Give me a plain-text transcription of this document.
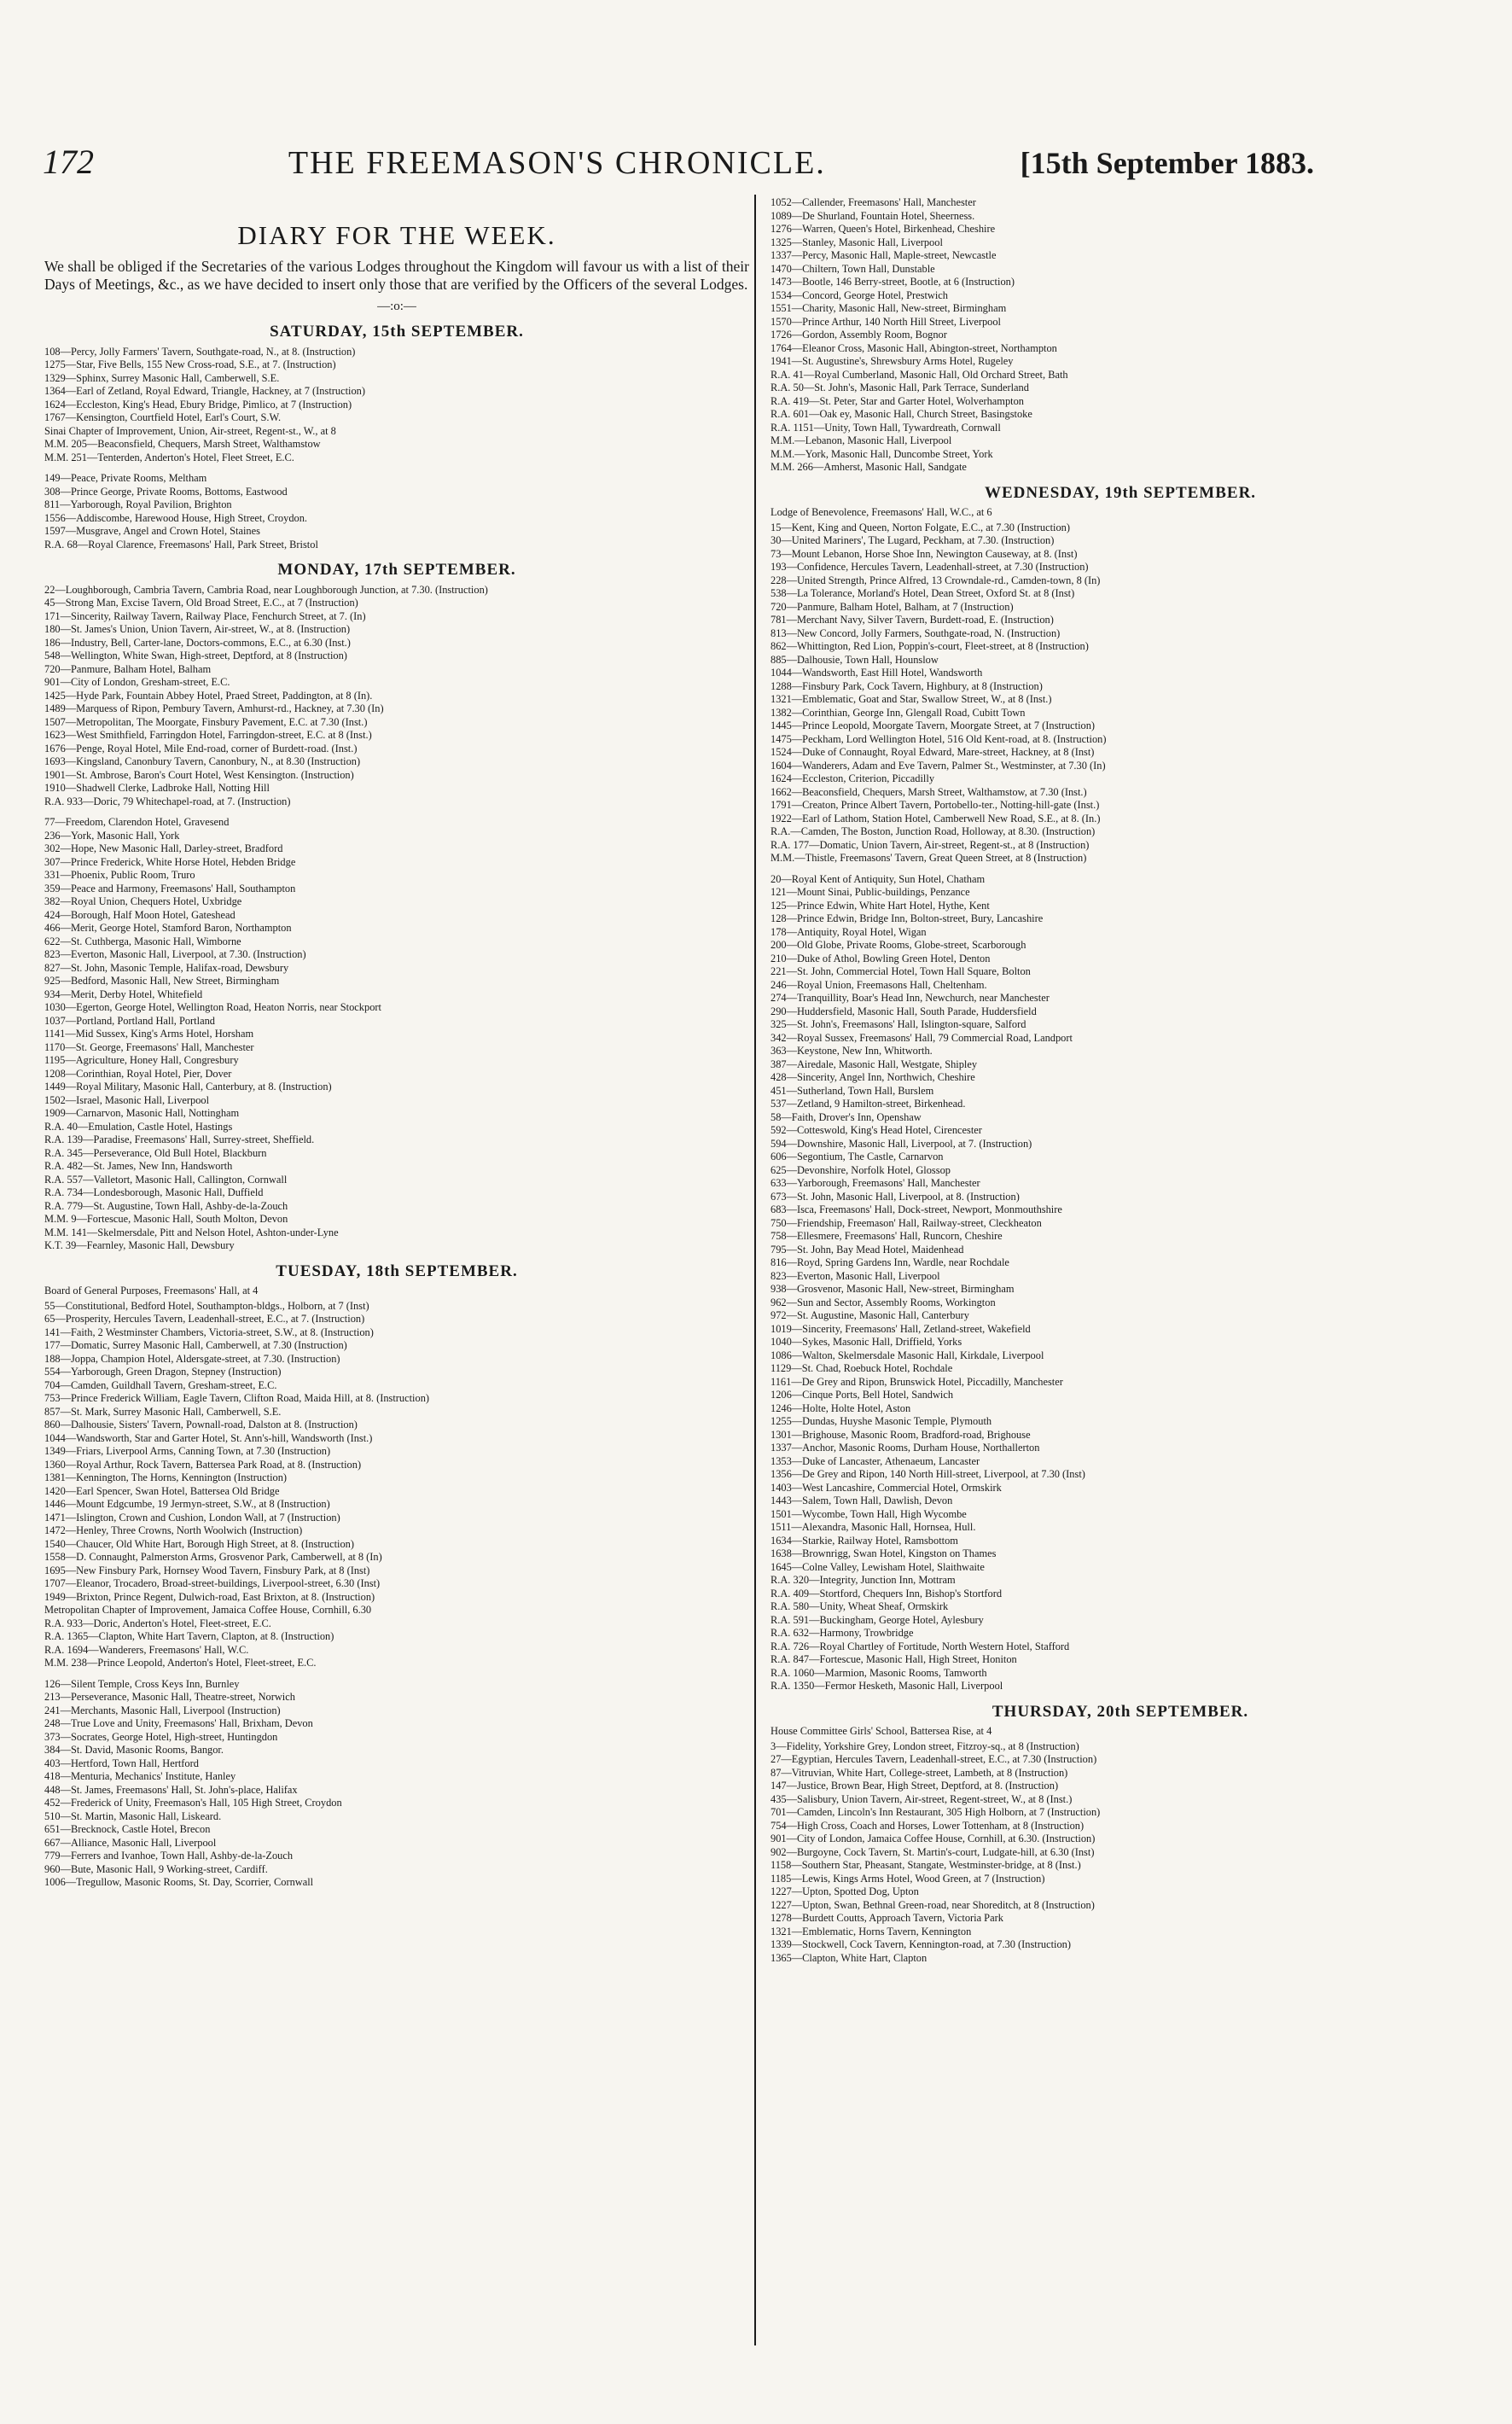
172	THE FREEMASON'S CHRONICLE.	[15th September 1883.
DIARY FOR THE WEEK.

We shall be obliged if the Secretaries of the various Lodges throughout the Kingdom will favour us with a list of their Days of Meetings, &c., as we have decided to insert only those that are verified by the Officers of the several Lodges.

—:o:—
SATURDAY, 15th SEPTEMBER.
108—Percy, Jolly Farmers' Tavern, Southgate-road, N., at 8. (Instruction)
1275—Star, Five Bells, 155 New Cross-road, S.E., at 7. (Instruction)
1329—Sphinx, Surrey Masonic Hall, Camberwell, S.E.
1364—Earl of Zetland, Royal Edward, Triangle, Hackney, at 7 (Instruction)
1624—Eccleston, King's Head, Ebury Bridge, Pimlico, at 7 (Instruction)
1767—Kensington, Courtfield Hotel, Earl's Court, S.W.
Sinai Chapter of Improvement, Union, Air-street, Regent-st., W., at 8
M.M. 205—Beaconsfield, Chequers, Marsh Street, Walthamstow
M.M. 251—Tenterden, Anderton's Hotel, Fleet Street, E.C.
149—Peace, Private Rooms, Meltham
308—Prince George, Private Rooms, Bottoms, Eastwood
811—Yarborough, Royal Pavilion, Brighton
1556—Addiscombe, Harewood House, High Street, Croydon.
1597—Musgrave, Angel and Crown Hotel, Staines
R.A. 68—Royal Clarence, Freemasons' Hall, Park Street, Bristol
MONDAY, 17th SEPTEMBER.
22—Loughborough, Cambria Tavern, Cambria Road, near Loughborough Junction, at 7.30. (Instruction)
45—Strong Man, Excise Tavern, Old Broad Street, E.C., at 7 (Instruction)
171—Sincerity, Railway Tavern, Railway Place, Fenchurch Street, at 7. (In)
180—St. James's Union, Union Tavern, Air-street, W., at 8. (Instruction)
186—Industry, Bell, Carter-lane, Doctors-commons, E.C., at 6.30 (Inst.)
548—Wellington, White Swan, High-street, Deptford, at 8 (Instruction)
720—Panmure, Balham Hotel, Balham
901—City of London, Gresham-street, E.C.
1425—Hyde Park, Fountain Abbey Hotel, Praed Street, Paddington, at 8 (In).
1489—Marquess of Ripon, Pembury Tavern, Amhurst-rd., Hackney, at 7.30 (In)
1507—Metropolitan, The Moorgate, Finsbury Pavement, E.C. at 7.30 (Inst.)
1623—West Smithfield, Farringdon Hotel, Farringdon-street, E.C. at 8 (Inst.)
1676—Penge, Royal Hotel, Mile End-road, corner of Burdett-road. (Inst.)
1693—Kingsland, Canonbury Tavern, Canonbury, N., at 8.30 (Instruction)
1901—St. Ambrose, Baron's Court Hotel, West Kensington. (Instruction)
1910—Shadwell Clerke, Ladbroke Hall, Notting Hill
R.A. 933—Doric, 79 Whitechapel-road, at 7. (Instruction)
77—Freedom, Clarendon Hotel, Gravesend
236—York, Masonic Hall, York
302—Hope, New Masonic Hall, Darley-street, Bradford
307—Prince Frederick, White Horse Hotel, Hebden Bridge
331—Phoenix, Public Room, Truro
359—Peace and Harmony, Freemasons' Hall, Southampton
382—Royal Union, Chequers Hotel, Uxbridge
424—Borough, Half Moon Hotel, Gateshead
466—Merit, George Hotel, Stamford Baron, Northampton
622—St. Cuthberga, Masonic Hall, Wimborne
823—Everton, Masonic Hall, Liverpool, at 7.30. (Instruction)
827—St. John, Masonic Temple, Halifax-road, Dewsbury
925—Bedford, Masonic Hall, New Street, Birmingham
934—Merit, Derby Hotel, Whitefield
1030—Egerton, George Hotel, Wellington Road, Heaton Norris, near Stockport
1037—Portland, Portland Hall, Portland
1141—Mid Sussex, King's Arms Hotel, Horsham
1170—St. George, Freemasons' Hall, Manchester
1195—Agriculture, Honey Hall, Congresbury
1208—Corinthian, Royal Hotel, Pier, Dover
1449—Royal Military, Masonic Hall, Canterbury, at 8. (Instruction)
1502—Israel, Masonic Hall, Liverpool
1909—Carnarvon, Masonic Hall, Nottingham
R.A. 40—Emulation, Castle Hotel, Hastings
R.A. 139—Paradise, Freemasons' Hall, Surrey-street, Sheffield.
R.A. 345—Perseverance, Old Bull Hotel, Blackburn
R.A. 482—St. James, New Inn, Handsworth
R.A. 557—Valletort, Masonic Hall, Callington, Cornwall
R.A. 734—Londesborough, Masonic Hall, Duffield
R.A. 779—St. Augustine, Town Hall, Ashby-de-la-Zouch
M.M. 9—Fortescue, Masonic Hall, South Molton, Devon
M.M. 141—Skelmersdale, Pitt and Nelson Hotel, Ashton-under-Lyne
K.T. 39—Fearnley, Masonic Hall, Dewsbury
TUESDAY, 18th SEPTEMBER.
Board of General Purposes, Freemasons' Hall, at 4
55—Constitutional, Bedford Hotel, Southampton-bldgs., Holborn, at 7 (Inst)
65—Prosperity, Hercules Tavern, Leadenhall-street, E.C., at 7. (Instruction)
141—Faith, 2 Westminster Chambers, Victoria-street, S.W., at 8. (Instruction)
177—Domatic, Surrey Masonic Hall, Camberwell, at 7.30 (Instruction)
188—Joppa, Champion Hotel, Aldersgate-street, at 7.30. (Instruction)
554—Yarborough, Green Dragon, Stepney (Instruction)
704—Camden, Guildhall Tavern, Gresham-street, E.C.
753—Prince Frederick William, Eagle Tavern, Clifton Road, Maida Hill, at 8. (Instruction)
857—St. Mark, Surrey Masonic Hall, Camberwell, S.E.
860—Dalhousie, Sisters' Tavern, Pownall-road, Dalston at 8. (Instruction)
1044—Wandsworth, Star and Garter Hotel, St. Ann's-hill, Wandsworth (Inst.)
1349—Friars, Liverpool Arms, Canning Town, at 7.30 (Instruction)
1360—Royal Arthur, Rock Tavern, Battersea Park Road, at 8. (Instruction)
1381—Kennington, The Horns, Kennington (Instruction)
1420—Earl Spencer, Swan Hotel, Battersea Old Bridge
1446—Mount Edgcumbe, 19 Jermyn-street, S.W., at 8 (Instruction)
1471—Islington, Crown and Cushion, London Wall, at 7 (Instruction)
1472—Henley, Three Crowns, North Woolwich (Instruction)
1540—Chaucer, Old White Hart, Borough High Street, at 8. (Instruction)
1558—D. Connaught, Palmerston Arms, Grosvenor Park, Camberwell, at 8 (In)
1695—New Finsbury Park, Hornsey Wood Tavern, Finsbury Park, at 8 (Inst)
1707—Eleanor, Trocadero, Broad-street-buildings, Liverpool-street, 6.30 (Inst)
1949—Brixton, Prince Regent, Dulwich-road, East Brixton, at 8. (Instruction)
Metropolitan Chapter of Improvement, Jamaica Coffee House, Cornhill, 6.30
R.A. 933—Doric, Anderton's Hotel, Fleet-street, E.C.
R.A. 1365—Clapton, White Hart Tavern, Clapton, at 8. (Instruction)
R.A. 1694—Wanderers, Freemasons' Hall, W.C.
M.M. 238—Prince Leopold, Anderton's Hotel, Fleet-street, E.C.
126—Silent Temple, Cross Keys Inn, Burnley
213—Perseverance, Masonic Hall, Theatre-street, Norwich
241—Merchants, Masonic Hall, Liverpool (Instruction)
248—True Love and Unity, Freemasons' Hall, Brixham, Devon
373—Socrates, George Hotel, High-street, Huntingdon
384—St. David, Masonic Rooms, Bangor.
403—Hertford, Town Hall, Hertford
418—Menturia, Mechanics' Institute, Hanley
448—St. James, Freemasons' Hall, St. John's-place, Halifax
452—Frederick of Unity, Freemason's Hall, 105 High Street, Croydon
510—St. Martin, Masonic Hall, Liskeard.
651—Brecknock, Castle Hotel, Brecon
667—Alliance, Masonic Hall, Liverpool
779—Ferrers and Ivanhoe, Town Hall, Ashby-de-la-Zouch
960—Bute, Masonic Hall, 9 Working-street, Cardiff.
1006—Tregullow, Masonic Rooms, St. Day, Scorrier, Cornwall
1052—Callender, Freemasons' Hall, Manchester
1089—De Shurland, Fountain Hotel, Sheerness.
1276—Warren, Queen's Hotel, Birkenhead, Cheshire
1325—Stanley, Masonic Hall, Liverpool
1337—Percy, Masonic Hall, Maple-street, Newcastle
1470—Chiltern, Town Hall, Dunstable
1473—Bootle, 146 Berry-street, Bootle, at 6 (Instruction)
1534—Concord, George Hotel, Prestwich
1551—Charity, Masonic Hall, New-street, Birmingham
1570—Prince Arthur, 140 North Hill Street, Liverpool
1726—Gordon, Assembly Room, Bognor
1764—Eleanor Cross, Masonic Hall, Abington-street, Northampton
1941—St. Augustine's, Shrewsbury Arms Hotel, Rugeley
R.A. 41—Royal Cumberland, Masonic Hall, Old Orchard Street, Bath
R.A. 50—St. John's, Masonic Hall, Park Terrace, Sunderland
R.A. 419—St. Peter, Star and Garter Hotel, Wolverhampton
R.A. 601—Oak ey, Masonic Hall, Church Street, Basingstoke
R.A. 1151—Unity, Town Hall, Tywardreath, Cornwall
M.M.—Lebanon, Masonic Hall, Liverpool
M.M.—York, Masonic Hall, Duncombe Street, York
M.M. 266—Amherst, Masonic Hall, Sandgate
WEDNESDAY, 19th SEPTEMBER.
Lodge of Benevolence, Freemasons' Hall, W.C., at 6
15—Kent, King and Queen, Norton Folgate, E.C., at 7.30 (Instruction)
30—United Mariners', The Lugard, Peckham, at 7.30. (Instruction)
73—Mount Lebanon, Horse Shoe Inn, Newington Causeway, at 8. (Inst)
193—Confidence, Hercules Tavern, Leadenhall-street, at 7.30 (Instruction)
228—United Strength, Prince Alfred, 13 Crowndale-rd., Camden-town, 8 (In)
538—La Tolerance, Morland's Hotel, Dean Street, Oxford St. at 8 (Inst)
720—Panmure, Balham Hotel, Balham, at 7 (Instruction)
781—Merchant Navy, Silver Tavern, Burdett-road, E. (Instruction)
813—New Concord, Jolly Farmers, Southgate-road, N. (Instruction)
862—Whittington, Red Lion, Poppin's-court, Fleet-street, at 8 (Instruction)
885—Dalhousie, Town Hall, Hounslow
1044—Wandsworth, East Hill Hotel, Wandsworth
1288—Finsbury Park, Cock Tavern, Highbury, at 8 (Instruction)
1321—Emblematic, Goat and Star, Swallow Street, W., at 8 (Inst.)
1382—Corinthian, George Inn, Glengall Road, Cubitt Town
1445—Prince Leopold, Moorgate Tavern, Moorgate Street, at 7 (Instruction)
1475—Peckham, Lord Wellington Hotel, 516 Old Kent-road, at 8. (Instruction)
1524—Duke of Connaught, Royal Edward, Mare-street, Hackney, at 8 (Inst)
1604—Wanderers, Adam and Eve Tavern, Palmer St., Westminster, at 7.30 (In)
1624—Eccleston, Criterion, Piccadilly
1662—Beaconsfield, Chequers, Marsh Street, Walthamstow, at 7.30 (Inst.)
1791—Creaton, Prince Albert Tavern, Portobello-ter., Notting-hill-gate (Inst.)
1922—Earl of Lathom, Station Hotel, Camberwell New Road, S.E., at 8. (In.)
R.A.—Camden, The Boston, Junction Road, Holloway, at 8.30. (Instruction)
R.A. 177—Domatic, Union Tavern, Air-street, Regent-st., at 8 (Instruction)
M.M.—Thistle, Freemasons' Tavern, Great Queen Street, at 8 (Instruction)
20—Royal Kent of Antiquity, Sun Hotel, Chatham
121—Mount Sinai, Public-buildings, Penzance
125—Prince Edwin, White Hart Hotel, Hythe, Kent
128—Prince Edwin, Bridge Inn, Bolton-street, Bury, Lancashire
178—Antiquity, Royal Hotel, Wigan
200—Old Globe, Private Rooms, Globe-street, Scarborough
210—Duke of Athol, Bowling Green Hotel, Denton
221—St. John, Commercial Hotel, Town Hall Square, Bolton
246—Royal Union, Freemasons Hall, Cheltenham.
274—Tranquillity, Boar's Head Inn, Newchurch, near Manchester
290—Huddersfield, Masonic Hall, South Parade, Huddersfield
325—St. John's, Freemasons' Hall, Islington-square, Salford
342—Royal Sussex, Freemasons' Hall, 79 Commercial Road, Landport
363—Keystone, New Inn, Whitworth.
387—Airedale, Masonic Hall, Westgate, Shipley
428—Sincerity, Angel Inn, Northwich, Cheshire
451—Sutherland, Town Hall, Burslem
537—Zetland, 9 Hamilton-street, Birkenhead.
58—Faith, Drover's Inn, Openshaw
592—Cotteswold, King's Head Hotel, Cirencester
594—Downshire, Masonic Hall, Liverpool, at 7. (Instruction)
606—Segontium, The Castle, Carnarvon
625—Devonshire, Norfolk Hotel, Glossop
633—Yarborough, Freemasons' Hall, Manchester
673—St. John, Masonic Hall, Liverpool, at 8. (Instruction)
683—Isca, Freemasons' Hall, Dock-street, Newport, Monmouthshire
750—Friendship, Freemason' Hall, Railway-street, Cleckheaton
758—Ellesmere, Freemasons' Hall, Runcorn, Cheshire
795—St. John, Bay Mead Hotel, Maidenhead
816—Royd, Spring Gardens Inn, Wardle, near Rochdale
823—Everton, Masonic Hall, Liverpool
938—Grosvenor, Masonic Hall, New-street, Birmingham
962—Sun and Sector, Assembly Rooms, Workington
972—St. Augustine, Masonic Hall, Canterbury
1019—Sincerity, Freemasons' Hall, Zetland-street, Wakefield
1040—Sykes, Masonic Hall, Driffield, Yorks
1086—Walton, Skelmersdale Masonic Hall, Kirkdale, Liverpool
1129—St. Chad, Roebuck Hotel, Rochdale
1161—De Grey and Ripon, Brunswick Hotel, Piccadilly, Manchester
1206—Cinque Ports, Bell Hotel, Sandwich
1246—Holte, Holte Hotel, Aston
1255—Dundas, Huyshe Masonic Temple, Plymouth
1301—Brighouse, Masonic Room, Bradford-road, Brighouse
1337—Anchor, Masonic Rooms, Durham House, Northallerton
1353—Duke of Lancaster, Athenaeum, Lancaster
1356—De Grey and Ripon, 140 North Hill-street, Liverpool, at 7.30 (Inst)
1403—West Lancashire, Commercial Hotel, Ormskirk
1443—Salem, Town Hall, Dawlish, Devon
1501—Wycombe, Town Hall, High Wycombe
1511—Alexandra, Masonic Hall, Hornsea, Hull.
1634—Starkie, Railway Hotel, Ramsbottom
1638—Brownrigg, Swan Hotel, Kingston on Thames
1645—Colne Valley, Lewisham Hotel, Slaithwaite
R.A. 320—Integrity, Junction Inn, Mottram
R.A. 409—Stortford, Chequers Inn, Bishop's Stortford
R.A. 580—Unity, Wheat Sheaf, Ormskirk
R.A. 591—Buckingham, George Hotel, Aylesbury
R.A. 632—Harmony, Trowbridge
R.A. 726—Royal Chartley of Fortitude, North Western Hotel, Stafford
R.A. 847—Fortescue, Masonic Hall, High Street, Honiton
R.A. 1060—Marmion, Masonic Rooms, Tamworth
R.A. 1350—Fermor Hesketh, Masonic Hall, Liverpool
THURSDAY, 20th SEPTEMBER.
House Committee Girls' School, Battersea Rise, at 4
3—Fidelity, Yorkshire Grey, London street, Fitzroy-sq., at 8 (Instruction)
27—Egyptian, Hercules Tavern, Leadenhall-street, E.C., at 7.30 (Instruction)
87—Vitruvian, White Hart, College-street, Lambeth, at 8 (Instruction)
147—Justice, Brown Bear, High Street, Deptford, at 8. (Instruction)
435—Salisbury, Union Tavern, Air-street, Regent-street, W., at 8 (Inst.)
701—Camden, Lincoln's Inn Restaurant, 305 High Holborn, at 7 (Instruction)
754—High Cross, Coach and Horses, Lower Tottenham, at 8 (Instruction)
901—City of London, Jamaica Coffee House, Cornhill, at 6.30. (Instruction)
902—Burgoyne, Cock Tavern, St. Martin's-court, Ludgate-hill, at 6.30 (Inst)
1158—Southern Star, Pheasant, Stangate, Westminster-bridge, at 8 (Inst.)
1185—Lewis, Kings Arms Hotel, Wood Green, at 7 (Instruction)
1227—Upton, Spotted Dog, Upton
1227—Upton, Swan, Bethnal Green-road, near Shoreditch, at 8 (Instruction)
1278—Burdett Coutts, Approach Tavern, Victoria Park
1321—Emblematic, Horns Tavern, Kennington
1339—Stockwell, Cock Tavern, Kennington-road, at 7.30 (Instruction)
1365—Clapton, White Hart, Clapton
